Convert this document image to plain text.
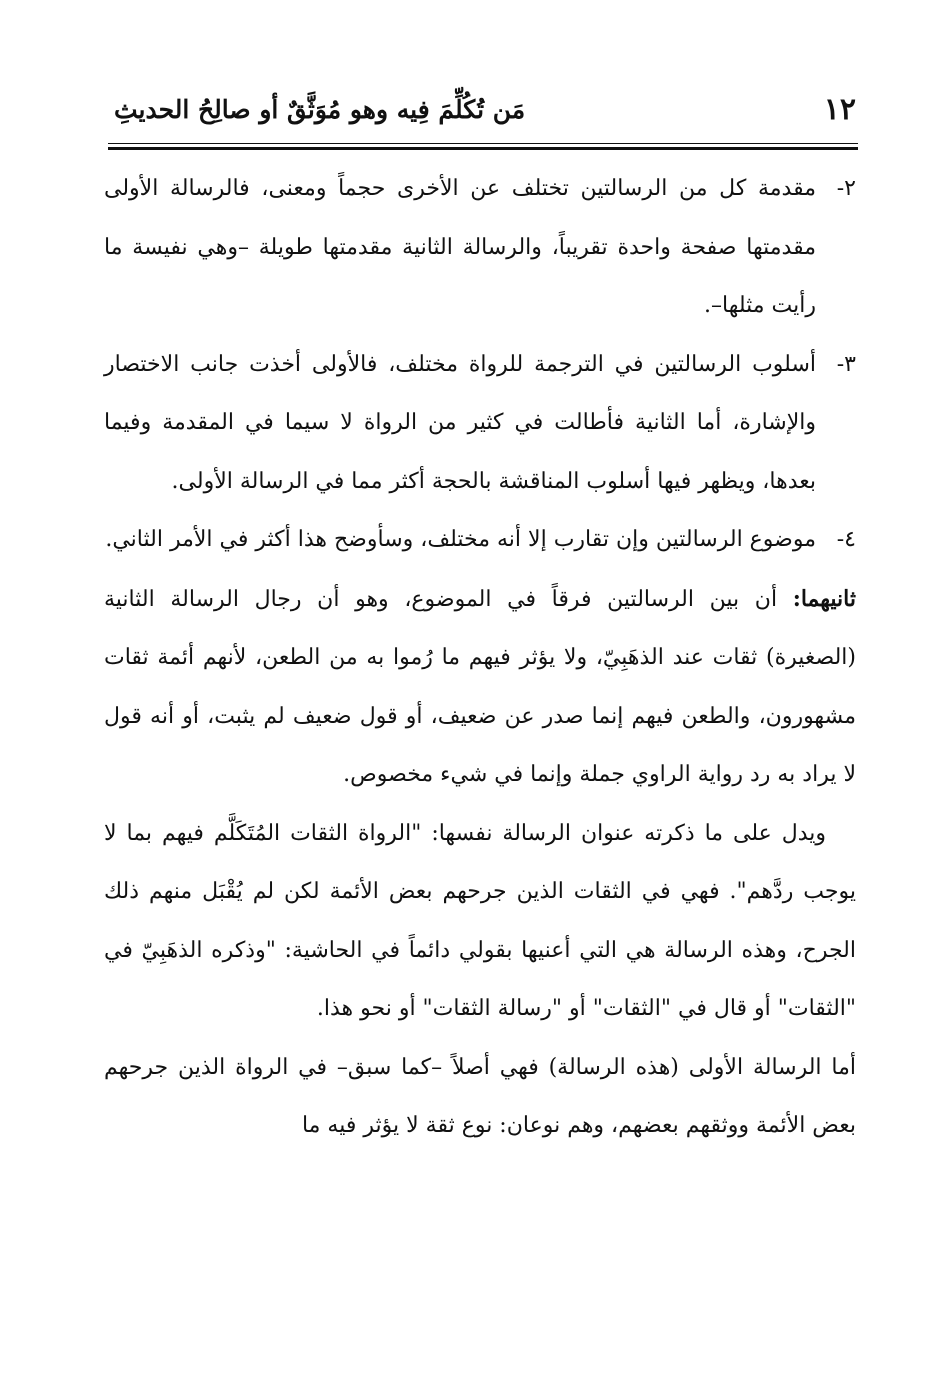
١٢
مَن تُكُلِّمَ فِيه وهو مُوَثَّقٌ أو صالِحُ الحديثِ

٢-
مقدمة كل من الرسالتين تختلف عن الأخرى حجماً ومعنى، فالرسالة الأولى مقدمتها صفحة واحدة تقريباً، والرسالة الثانية مقدمتها طويلة –وهي نفيسة ما رأيت مثلها–.

٣-
أسلوب الرسالتين في الترجمة للرواة مختلف، فالأولى أخذت جانب الاختصار والإشارة، أما الثانية فأطالت في كثير من الرواة لا سيما في المقدمة وفيما بعدها، ويظهر فيها أسلوب المناقشة بالحجة أكثر مما في الرسالة الأولى.

٤-
موضوع الرسالتين وإن تقارب إلا أنه مختلف، وسأوضح هذا أكثر في الأمر الثاني.

ثانيهما: أن بين الرسالتين فرقاً في الموضوع، وهو أن رجال الرسالة الثانية (الصغيرة) ثقات عند الذهَبِيّ، ولا يؤثر فيهم ما رُموا به من الطعن، لأنهم أئمة ثقات مشهورون، والطعن فيهم إنما صدر عن ضعيف، أو قول ضعيف لم يثبت، أو أنه قول لا يراد به رد رواية الراوي جملة وإنما في شيء مخصوص.

ويدل على ما ذكرته عنوان الرسالة نفسها: "الرواة الثقات المُتَكَلَّم فيهم بما لا يوجب ردَّهم". فهي في الثقات الذين جرحهم بعض الأئمة لكن لم يُقْبَل منهم ذلك الجرح، وهذه الرسالة هي التي أعنيها بقولي دائماً في الحاشية: "وذكره الذهَبِيّ في "الثقات" أو قال في "الثقات" أو "رسالة الثقات" أو نحو هذا.

أما الرسالة الأولى (هذه الرسالة) فهي أصلاً –كما سبق– في الرواة الذين جرحهم بعض الأئمة ووثقهم بعضهم، وهم نوعان: نوع ثقة لا يؤثر فيه ما
